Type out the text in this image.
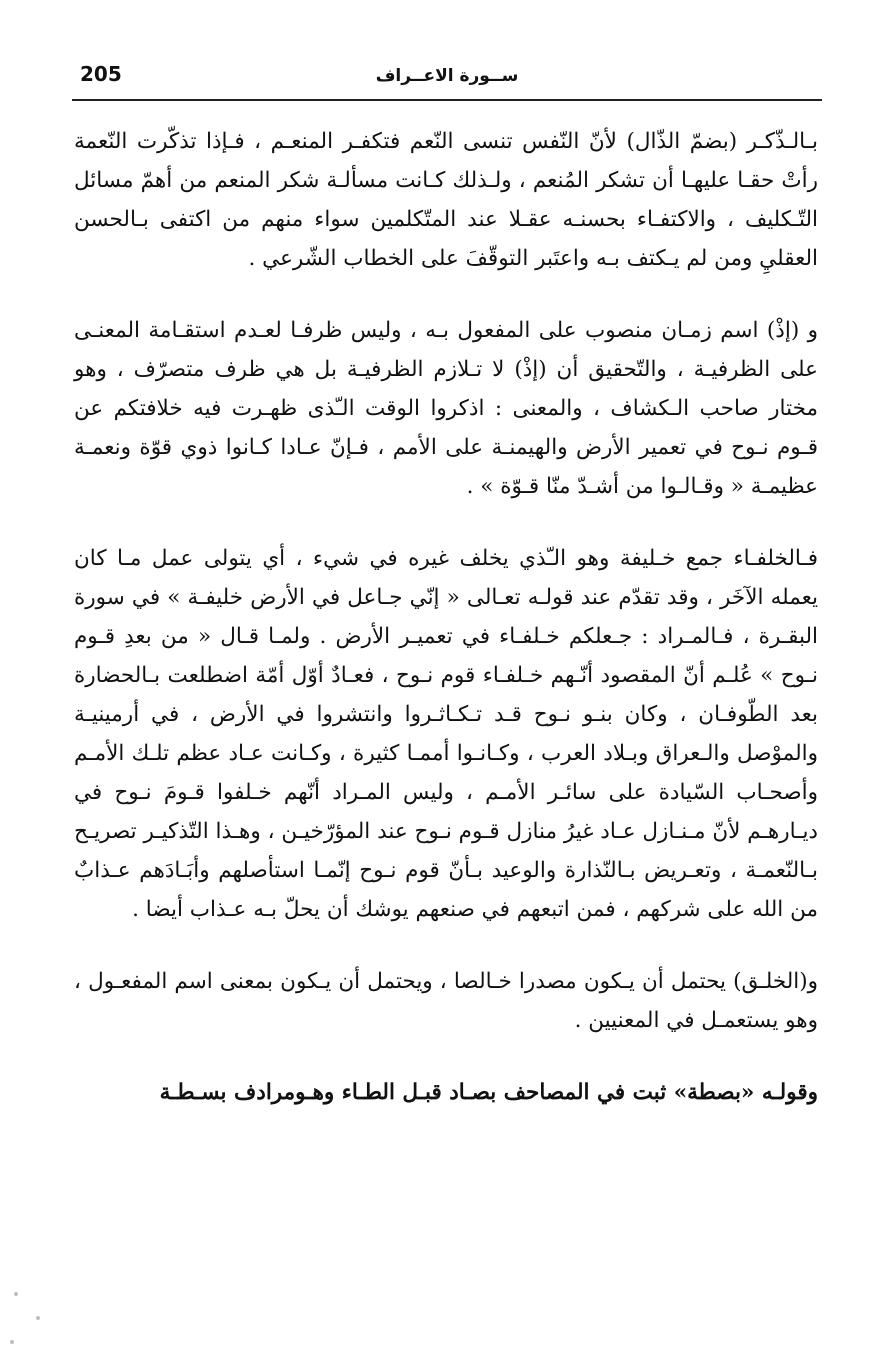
205	ســورة الاعــراف

بـالـذّكـر (بضمّ الذّال) لأنّ النّفس تنسى النّعم فتكفـر المنعـم ، فـإذا تذكّرت النّعمة رأتْ حقـا عليهـا أن تشكر المُنعم ، ولـذلك كـانت مسألـة شكر المنعم من أهمّ مسائل التّـكليف ، والاكتفـاء بحسنـه عقـلا عند المتّكلمين سواء منهم من اكتفى بـالحسن العقليِ ومن لم يـكتف بـه واعتَبر التوقّفَ على الخطاب الشّرعي .

و (إذْ) اسم زمـان منصوب على المفعول بـه ، وليس ظرفـا لعـدم استقـامة المعنـى على الظرفيـة ، والتّحقيق أن (إذْ) لا تـلازم الظرفيـة بل هي ظرف متصرّف ، وهو مختار صاحب الـكشاف ، والمعنى : اذكروا الوقت الـّذى ظهـرت فيه خلافتكم عن قـوم نـوح في تعمير الأرض والهيمنـة على الأمم ، فـإنّ عـادا كـانوا ذوي قوّة ونعمـة عظيمـة « وقـالـوا من أشـدّ منّا قـوّة » .

فـالخلفـاء جمع خـليفة وهو الـّذي يخلف غيره في شيء ، أي يتولى عمل مـا كان يعمله الآخَر ، وقد تقدّم عند قولـه تعـالى « إنّي جـاعل في الأرض خليفـة » في سورة البقـرة ، فـالمـراد : جـعلكم خـلفـاء في تعميـر الأرض . ولمـا قـال « من بعدِ قـوم نـوح » عُلـم أنّ المقصود أنّـهم خـلفـاء قوم نـوح ، فعـادٌ أوّل أمّة اضطلعت بـالحضارة بعد الطّوفـان ، وكان بنـو نـوح قـد تـكـاثـروا وانتشروا في الأرض ، في أرمينيـة والموْصل والـعراق وبـلاد العرب ، وكـانـوا أممـا كثيرة ، وكـانت عـاد عظم تلـك الأمـم وأصحـاب السّيادة على سائـر الأمـم ، وليس المـراد أنّهم خـلفوا قـومَ نـوح في ديـارهـم لأنّ مـنـازل عـاد غيرُ منازل قـوم نـوح عند المؤرّخيـن ، وهـذا التّذكيـر تصريـح بـالنّعمـة ، وتعـريض بـالنّذارة والوعيد بـأنّ قوم نـوح إنّمـا استأصلهم وأبَـادَهم عـذابٌ من الله على شركهم ، فمن اتبعهم في صنعهم يوشك أن يحلّ بـه عـذاب أيضا .

و(الخلـق) يحتمل أن يـكون مصدرا خـالصا ، ويحتمل أن يـكون بمعنى اسم المفعـول ، وهو يستعمـل في المعنيين .

وقولـه «بصطة» ثبت في المصاحف بصـاد قبـل الطـاء وهـومرادف بسـطـة
